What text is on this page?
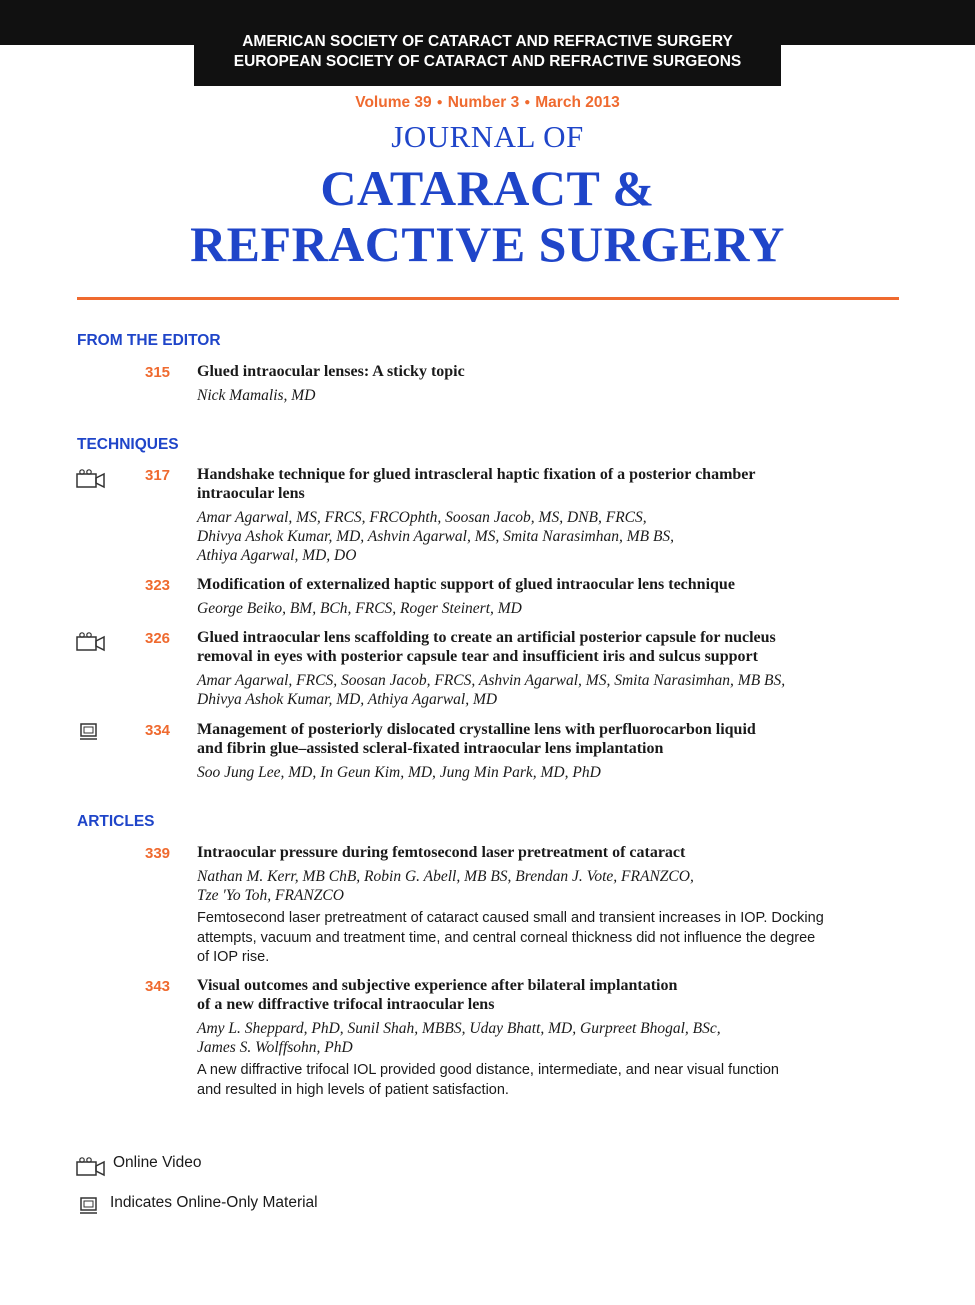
AMERICAN SOCIETY OF CATARACT AND REFRACTIVE SURGERY
EUROPEAN SOCIETY OF CATARACT AND REFRACTIVE SURGEONS
Volume 39 ● Number 3 ● March 2013
JOURNAL OF
CATARACT &
REFRACTIVE SURGERY
FROM THE EDITOR
315 Glued intraocular lenses: A sticky topic

Nick Mamalis, MD

TECHNIQUES
317 Handshake technique for glued intrascleral haptic fixation of a posterior chamber
intraocular lens

Amar Agarwal, MS, FRCS, FRCOphth, Soosan Jacob, MS, DNB, FRCS,
Dhivya Ashok Kumar, MD, Ashvin Agarwal, MS, Smita Narasimhan, MB BS,
Athiya Agarwal, MD, DO

323 Modification of externalized haptic support of glued intraocular lens technique

George Beiko, BM, BCh, FRCS, Roger Steinert, MD

326 Glued intraocular lens scaffolding to create an artificial posterior capsule for nucleus
removal in eyes with posterior capsule tear and insufficient iris and sulcus support

Amar Agarwal, FRCS, Soosan Jacob, FRCS, Ashvin Agarwal, MS, Smita Narasimhan, MB BS,
Dhivya Ashok Kumar, MD, Athiya Agarwal, MD

334 Management of posteriorly dislocated crystalline lens with perfluorocarbon liquid
and fibrin glue–assisted scleral-fixated intraocular lens implantation

Soo Jung Lee, MD, In Geun Kim, MD, Jung Min Park, MD, PhD

ARTICLES
339 Intraocular pressure during femtosecond laser pretreatment of cataract

Nathan M. Kerr, MB ChB, Robin G. Abell, MB BS, Brendan J. Vote, FRANZCO,
Tze 'Yo Toh, FRANZCO

Femtosecond laser pretreatment of cataract caused small and transient increases in IOP. Docking
attempts, vacuum and treatment time, and central corneal thickness did not influence the degree
of IOP rise.

343 Visual outcomes and subjective experience after bilateral implantation
of a new diffractive trifocal intraocular lens

Amy L. Sheppard, PhD, Sunil Shah, MBBS, Uday Bhatt, MD, Gurpreet Bhogal, BSc,
James S. Wolffsohn, PhD

A new diffractive trifocal IOL provided good distance, intermediate, and near visual function
and resulted in high levels of patient satisfaction.

Online Video
Indicates Online-Only Material
